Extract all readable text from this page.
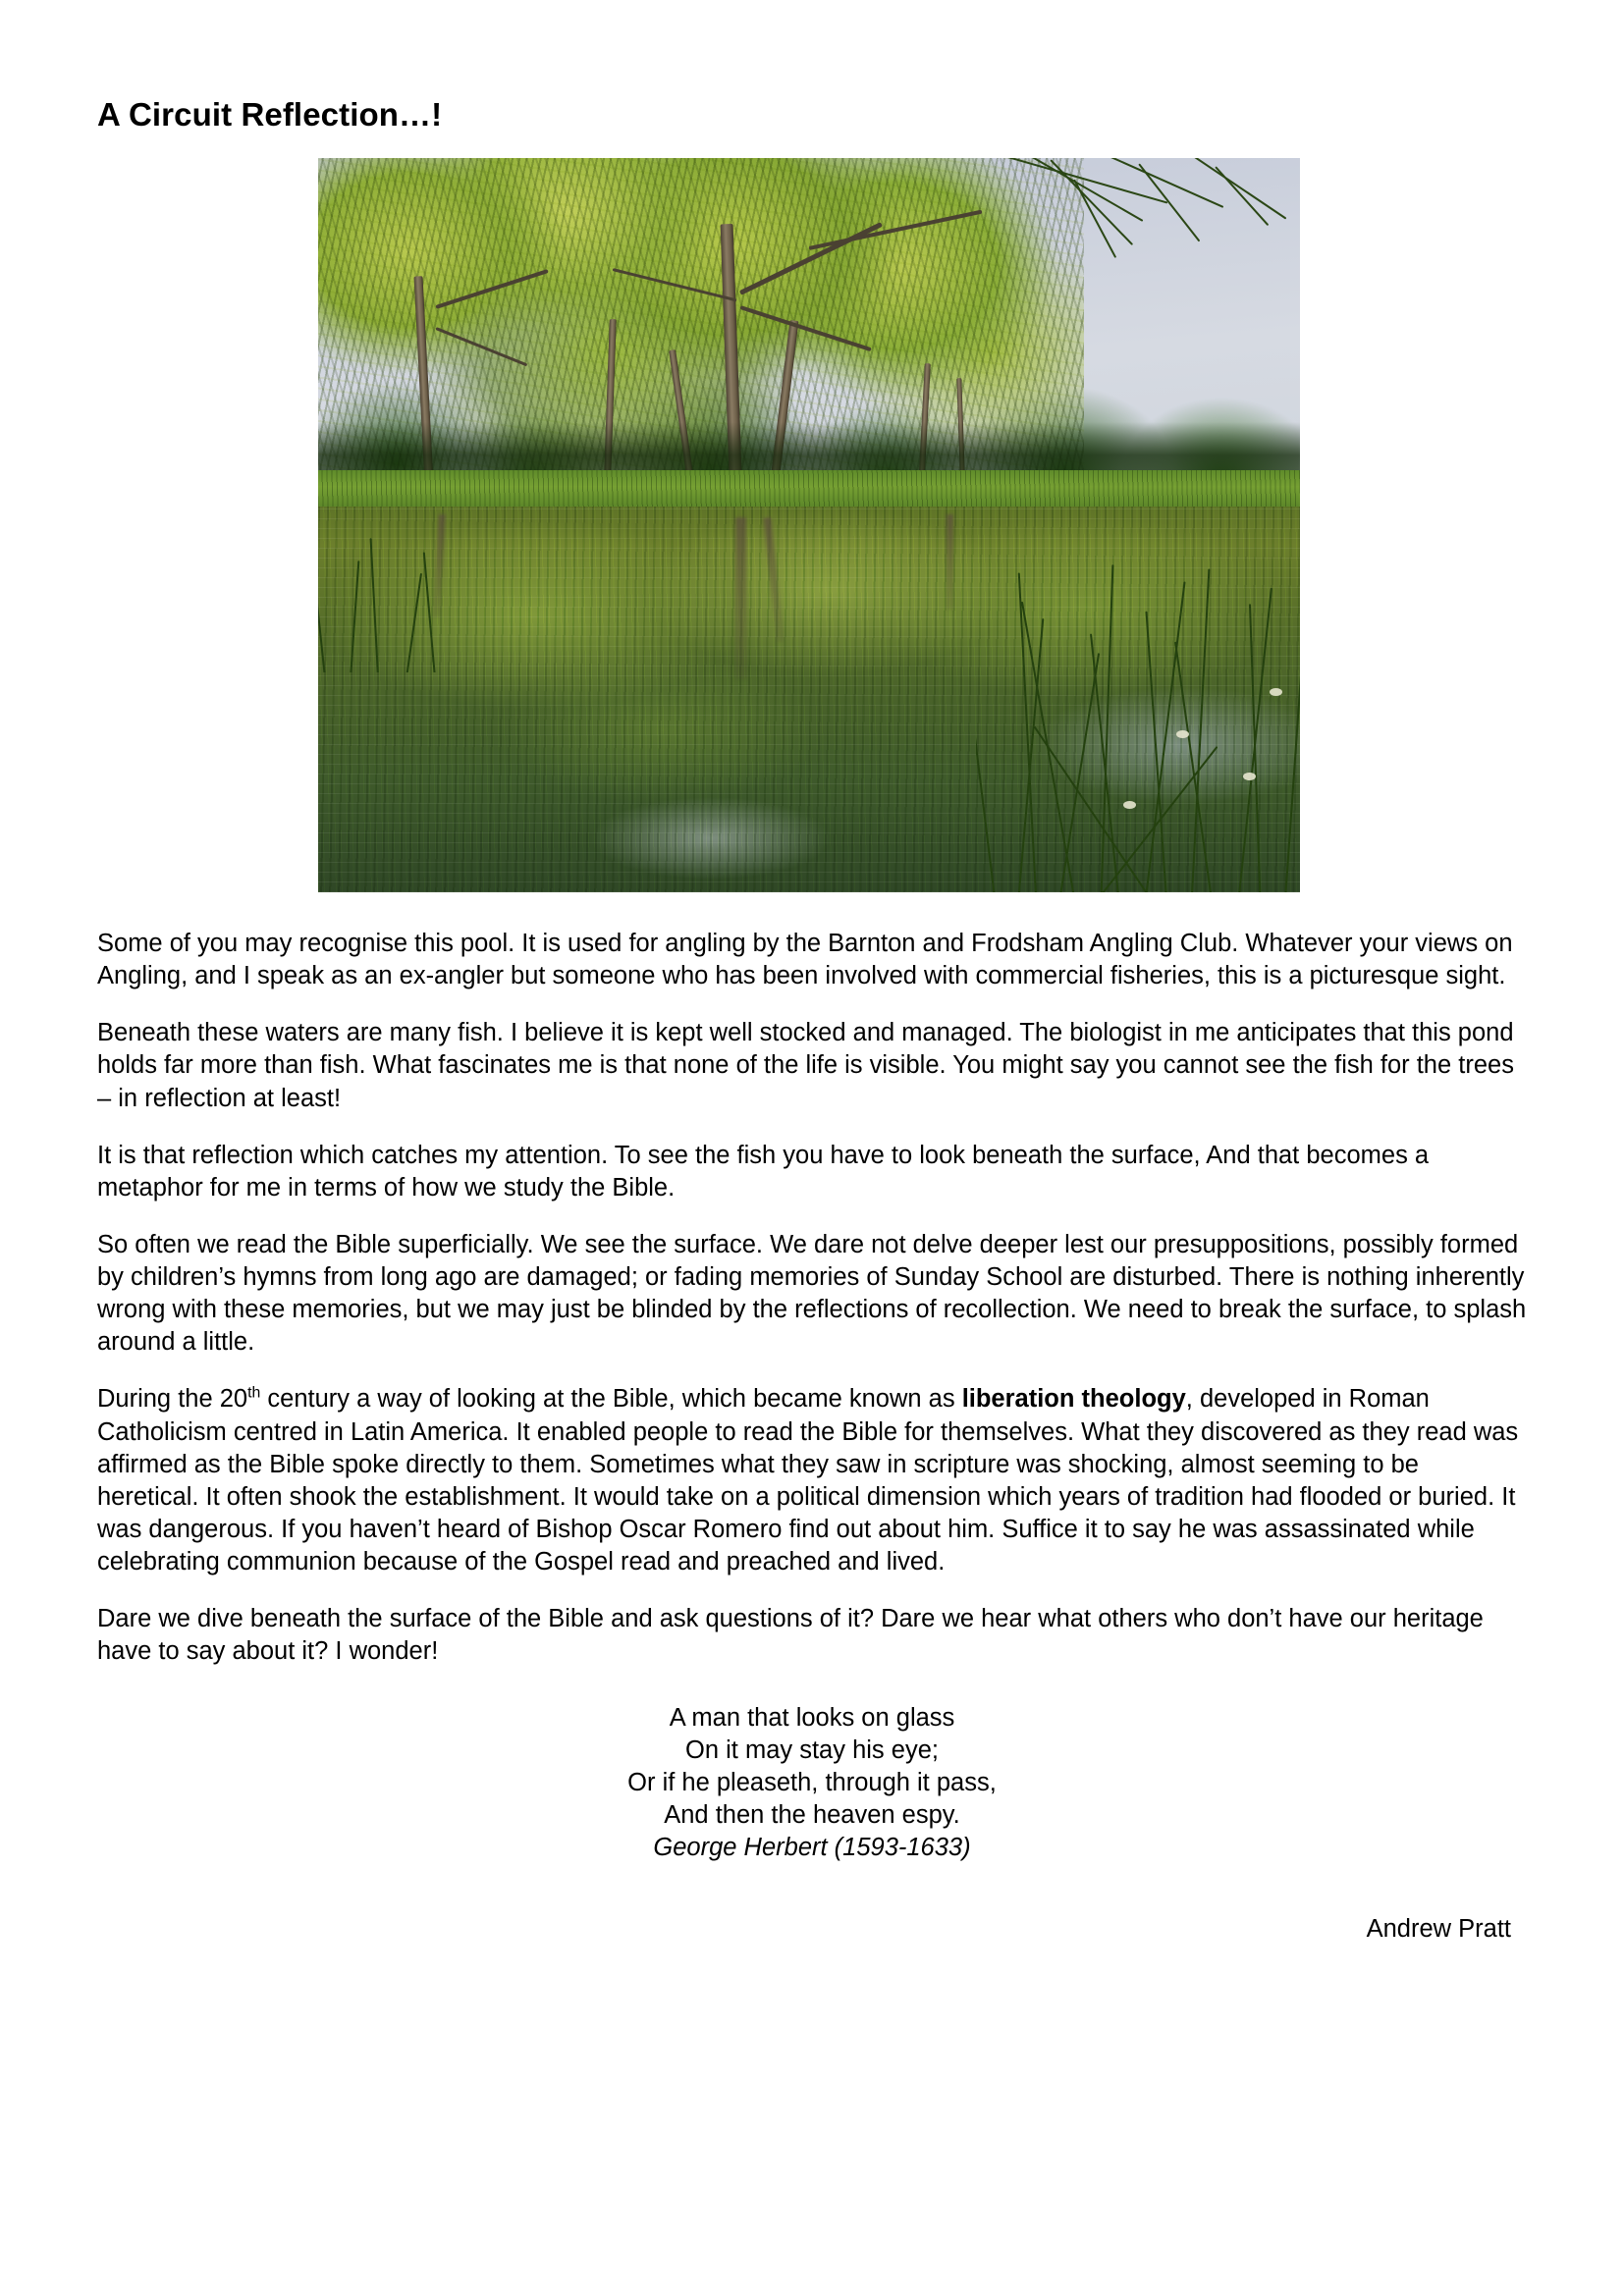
A Circuit Reflection…!

Some of you may recognise this pool. It is used for angling by the Barnton and Frodsham Angling Club. Whatever your views on Angling, and I speak as an ex-angler but someone who has been involved with commercial fisheries, this is a picturesque sight.

Beneath these waters are many fish. I believe it is kept well stocked and managed. The biologist in me anticipates that this pond holds far more than fish. What fascinates me is that none of the life is visible. You might say you cannot see the fish for the trees – in reflection at least!

It is that reflection which catches my attention. To see the fish you have to look beneath the surface, And that becomes a metaphor for me in terms of how we study the Bible.

So often we read the Bible superficially. We see the surface. We dare not delve deeper lest our presuppositions, possibly formed by children’s hymns from long ago are damaged; or fading memories of Sunday School are disturbed. There is nothing inherently wrong with these memories, but we may just be blinded by the reflections of recollection. We need to break the surface, to splash around a little.

During the 20th century a way of looking at the Bible, which became known as liberation theology, developed in Roman Catholicism centred in Latin America. It enabled people to read the Bible for themselves. What they discovered as they read was affirmed as the Bible spoke directly to them. Sometimes what they saw in scripture was shocking, almost seeming to be heretical. It often shook the establishment. It would take on a political dimension which years of tradition had flooded or buried. It was dangerous. If you haven’t heard of Bishop Oscar Romero find out about him. Suffice it to say he was assassinated while celebrating communion because of the Gospel read and preached and lived.

Dare we dive beneath the surface of the Bible and ask questions of it? Dare we hear what others who don’t have our heritage have to say about it? I wonder!

A man that looks on glass
On it may stay his eye;
Or if he pleaseth, through it pass,
And then the heaven espy.
George Herbert (1593-1633)
Andrew Pratt
